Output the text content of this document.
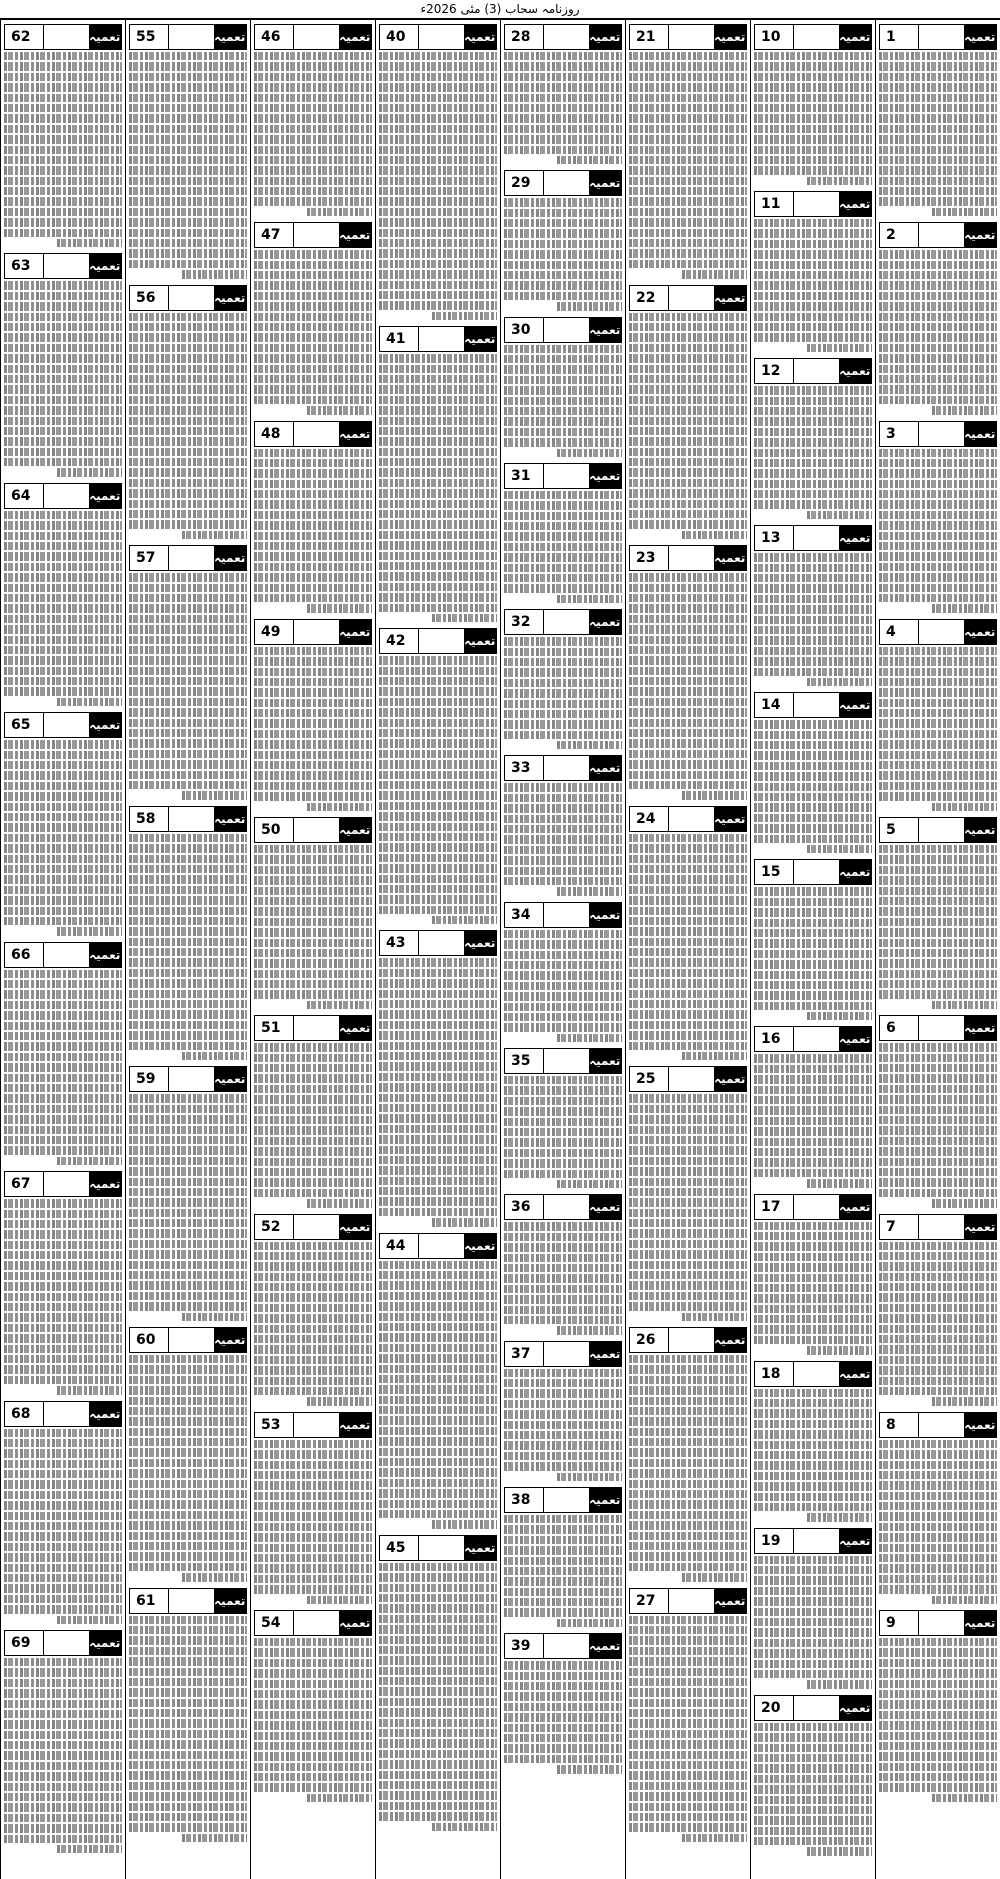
روزنامہ سحاب (3) مئی 2026ء
1	تعمیہ
2	تعمیہ
3	تعمیہ
4	تعمیہ
5	تعمیہ
6	تعمیہ
7	تعمیہ
8	تعمیہ
9	تعمیہ
10	تعمیہ
11	تعمیہ
12	تعمیہ
13	تعمیہ
14	تعمیہ
15	تعمیہ
16	تعمیہ
17	تعمیہ
18	تعمیہ
19	تعمیہ
20	تعمیہ
21	تعمیہ
22	تعمیہ
23	تعمیہ
24	تعمیہ
25	تعمیہ
26	تعمیہ
27	تعمیہ
28	تعمیہ
29	تعمیہ
30	تعمیہ
31	تعمیہ
32	تعمیہ
33	تعمیہ
34	تعمیہ
35	تعمیہ
36	تعمیہ
37	تعمیہ
38	تعمیہ
39	تعمیہ
40	تعمیہ
41	تعمیہ
42	تعمیہ
43	تعمیہ
44	تعمیہ
45	تعمیہ
46	تعمیہ
47	تعمیہ
48	تعمیہ
49	تعمیہ
50	تعمیہ
51	تعمیہ
52	تعمیہ
53	تعمیہ
54	تعمیہ
55	تعمیہ
56	تعمیہ
57	تعمیہ
58	تعمیہ
59	تعمیہ
60	تعمیہ
61	تعمیہ
62	تعمیہ
63	تعمیہ
64	تعمیہ
65	تعمیہ
66	تعمیہ
67	تعمیہ
68	تعمیہ
69	تعمیہ
